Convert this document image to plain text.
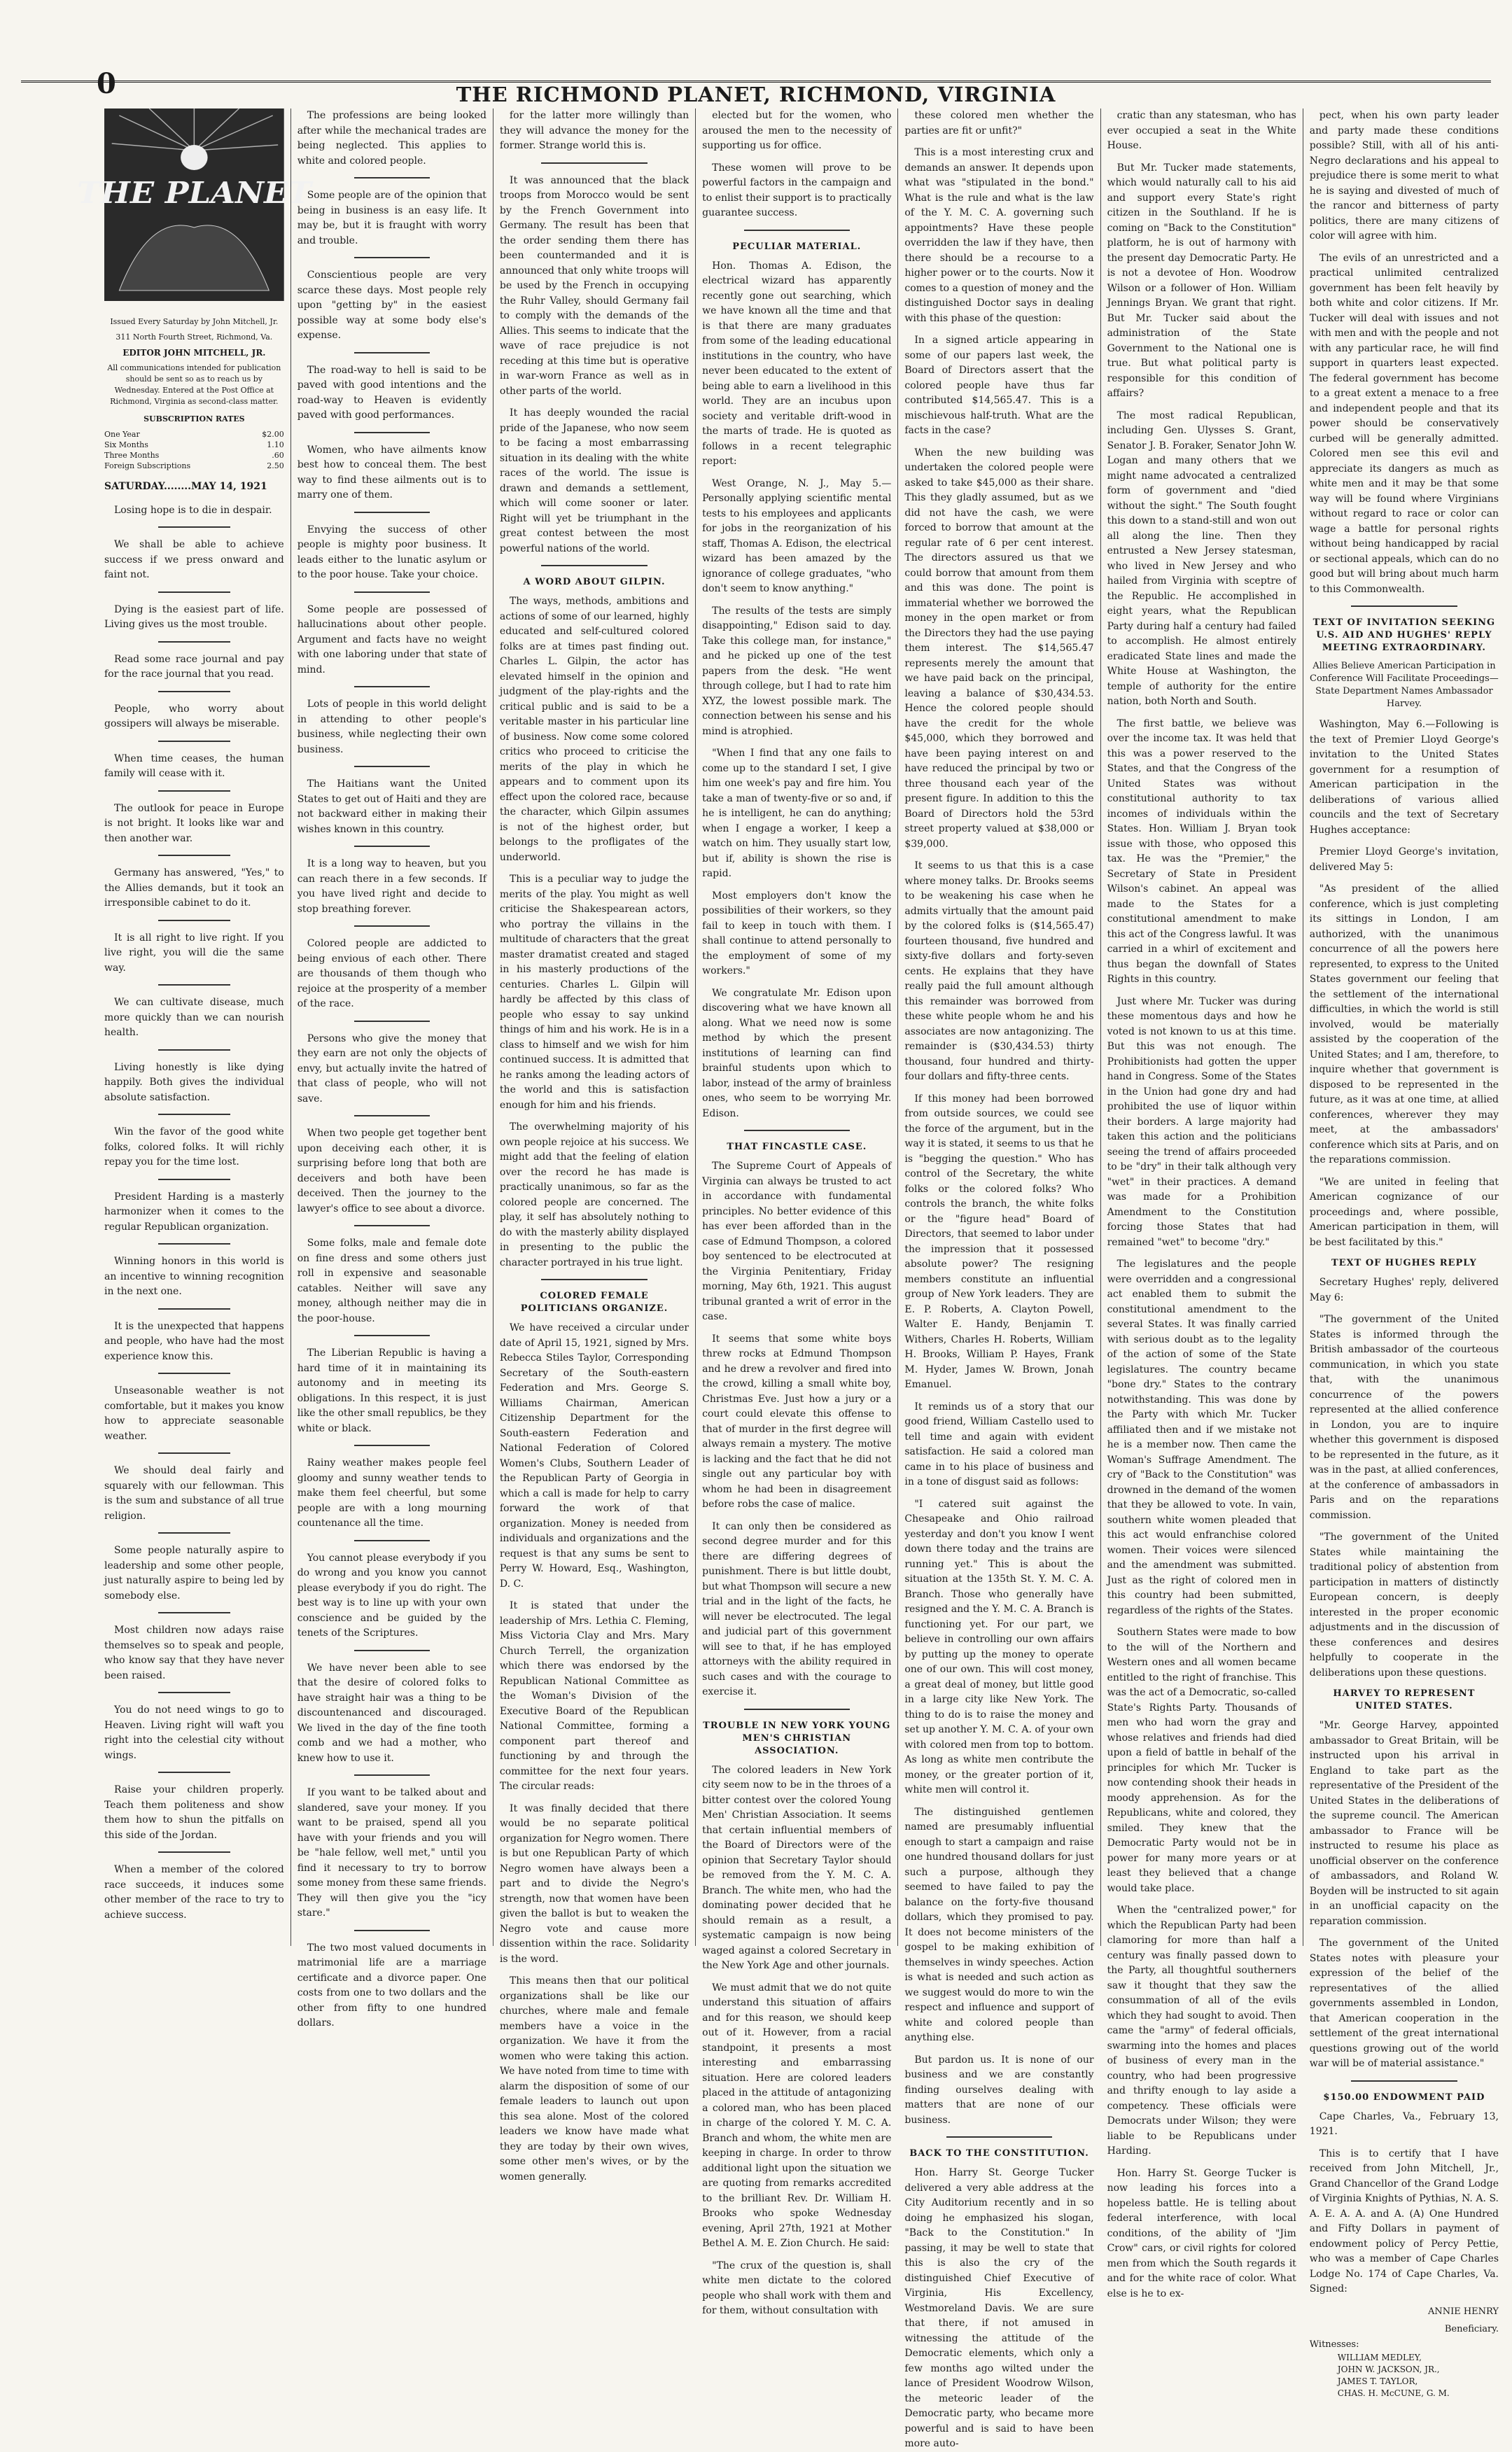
0	THE RICHMOND PLANET, RICHMOND, VIRGINIA
THE PLANET
Issued Every Saturday by John Mitchell, Jr.
311 North Fourth Street, Richmond, Va.
EDITOR JOHN MITCHELL, JR.
All communications intended for publication should be sent so as to reach us by Wednesday. Entered at the Post Office at Richmond, Virginia as second-class matter.
SUBSCRIPTION RATES
One Year	$2.00
Six Months	1.10
Three Months	.60
Foreign Subscriptions	2.50
SATURDAY........MAY 14, 1921

Losing hope is to die in despair.

We shall be able to achieve success if we press onward and faint not.

Dying is the easiest part of life. Living gives us the most trouble.

Read some race journal and pay for the race journal that you read.

People, who worry about gossipers will always be miserable.

When time ceases, the human family will cease with it.

The outlook for peace in Europe is not bright. It looks like war and then another war.

Germany has answered, "Yes," to the Allies demands, but it took an irresponsible cabinet to do it.

It is all right to live right. If you live right, you will die the same way.

We can cultivate disease, much more quickly than we can nourish health.

Living honestly is like dying happily. Both gives the individual absolute satisfaction.

Win the favor of the good white folks, colored folks. It will richly repay you for the time lost.

President Harding is a masterly harmonizer when it comes to the regular Republican organization.

Winning honors in this world is an incentive to winning recognition in the next one.

It is the unexpected that happens and people, who have had the most experience know this.

Unseasonable weather is not comfortable, but it makes you know how to appreciate seasonable weather.

We should deal fairly and squarely with our fellowman. This is the sum and substance of all true religion.

Some people naturally aspire to leadership and some other people, just naturally aspire to being led by somebody else.

Most children now adays raise themselves so to speak and people, who know say that they have never been raised.

You do not need wings to go to Heaven. Living right will waft you right into the celestial city without wings.

Raise your children properly. Teach them politeness and show them how to shun the pitfalls on this side of the Jordan.

When a member of the colored race succeeds, it induces some other member of the race to try to achieve success.

The professions are being looked after while the mechanical trades are being neglected. This applies to white and colored people.

Some people are of the opinion that being in business is an easy life. It may be, but it is fraught with worry and trouble.

Conscientious people are very scarce these days. Most people rely upon "getting by" in the easiest possible way at some body else's expense.

The road-way to hell is said to be paved with good intentions and the road-way to Heaven is evidently paved with good performances.

Women, who have ailments know best how to conceal them. The best way to find these ailments out is to marry one of them.

Envying the success of other people is mighty poor business. It leads either to the lunatic asylum or to the poor house. Take your choice.

Some people are possessed of hallucinations about other people. Argument and facts have no weight with one laboring under that state of mind.

Lots of people in this world delight in attending to other people's business, while neglecting their own business.

The Haitians want the United States to get out of Haiti and they are not backward either in making their wishes known in this country.

It is a long way to heaven, but you can reach there in a few seconds. If you have lived right and decide to stop breathing forever.

Colored people are addicted to being envious of each other. There are thousands of them though who rejoice at the prosperity of a member of the race.

Persons who give the money that they earn are not only the objects of envy, but actually invite the hatred of that class of people, who will not save.

When two people get together bent upon deceiving each other, it is surprising before long that both are deceivers and both have been deceived. Then the journey to the lawyer's office to see about a divorce.

Some folks, male and female dote on fine dress and some others just roll in expensive and seasonable catables. Neither will save any money, although neither may die in the poor-house.

The Liberian Republic is having a hard time of it in maintaining its autonomy and in meeting its obligations. In this respect, it is just like the other small republics, be they white or black.

Rainy weather makes people feel gloomy and sunny weather tends to make them feel cheerful, but some people are with a long mourning countenance all the time.

You cannot please everybody if you do wrong and you know you cannot please everybody if you do right. The best way is to line up with your own conscience and be guided by the tenets of the Scriptures.

We have never been able to see that the desire of colored folks to have straight hair was a thing to be discountenanced and discouraged. We lived in the day of the fine tooth comb and we had a mother, who knew how to use it.

If you want to be talked about and slandered, save your money. If you want to be praised, spend all you have with your friends and you will be "hale fellow, well met," until you find it necessary to try to borrow some money from these same friends. They will then give you the "icy stare."

The two most valued documents in matrimonial life are a marriage certificate and a divorce paper. One costs from one to two dollars and the other from fifty to one hundred dollars.

for the latter more willingly than they will advance the money for the former. Strange world this is.

It was announced that the black troops from Morocco would be sent by the French Government into Germany. The result has been that the order sending them there has been countermanded and it is announced that only white troops will be used by the French in occupying the Ruhr Valley, should Germany fail to comply with the demands of the Allies. This seems to indicate that the wave of race prejudice is not receding at this time but is operative in war-worn France as well as in other parts of the world.

It has deeply wounded the racial pride of the Japanese, who now seem to be facing a most embarrassing situation in its dealing with the white races of the world. The issue is drawn and demands a settlement, which will come sooner or later. Right will yet be triumphant in the great contest between the most powerful nations of the world.

A WORD ABOUT GILPIN.

The ways, methods, ambitions and actions of some of our learned, highly educated and self-cultured colored folks are at times past finding out. Charles L. Gilpin, the actor has elevated himself in the opinion and judgment of the play-rights and the critical public and is said to be a veritable master in his particular line of business. Now come some colored critics who proceed to criticise the merits of the play in which he appears and to comment upon its effect upon the colored race, because the character, which Gilpin assumes is not of the highest order, but belongs to the profligates of the underworld.

This is a peculiar way to judge the merits of the play. You might as well criticise the Shakespearean actors, who portray the villains in the multitude of characters that the great master dramatist created and staged in his masterly productions of the centuries. Charles L. Gilpin will hardly be affected by this class of people who essay to say unkind things of him and his work. He is in a class to himself and we wish for him continued success. It is admitted that he ranks among the leading actors of the world and this is satisfaction enough for him and his friends.

The overwhelming majority of his own people rejoice at his success. We might add that the feeling of elation over the record he has made is practically unanimous, so far as the colored people are concerned. The play, it self has absolutely nothing to do with the masterly ability displayed in presenting to the public the character portrayed in his true light.

COLORED FEMALE POLITICIANS ORGANIZE.

We have received a circular under date of April 15, 1921, signed by Mrs. Rebecca Stiles Taylor, Corresponding Secretary of the South-eastern Federation and Mrs. George S. Williams Chairman, American Citizenship Department for the South-eastern Federation and National Federation of Colored Women's Clubs, Southern Leader of the Republican Party of Georgia in which a call is made for help to carry forward the work of that organization. Money is needed from individuals and organizations and the request is that any sums be sent to Perry W. Howard, Esq., Washington, D. C.

It is stated that under the leadership of Mrs. Lethia C. Fleming, Miss Victoria Clay and Mrs. Mary Church Terrell, the organization which there was endorsed by the Republican National Committee as the Woman's Division of the Executive Board of the Republican National Committee, forming a component part thereof and functioning by and through the committee for the next four years. The circular reads:

It was finally decided that there would be no separate political organization for Negro women. There is but one Republican Party of which Negro women have always been a part and to divide the Negro's strength, now that women have been given the ballot is but to weaken the Negro vote and cause more dissention within the race. Solidarity is the word.

This means then that our political organizations shall be like our churches, where male and female members have a voice in the organization. We have it from the women who were taking this action. We have noted from time to time with alarm the disposition of some of our female leaders to launch out upon this sea alone. Most of the colored leaders we know have made what they are today by their own wives, some other men's wives, or by the women generally.

elected but for the women, who aroused the men to the necessity of supporting us for office.

These women will prove to be powerful factors in the campaign and to enlist their support is to practically guarantee success.

PECULIAR MATERIAL.

Hon. Thomas A. Edison, the electrical wizard has apparently recently gone out searching, which we have known all the time and that is that there are many graduates from some of the leading educational institutions in the country, who have never been educated to the extent of being able to earn a livelihood in this world. They are an incubus upon society and veritable drift-wood in the marts of trade. He is quoted as follows in a recent telegraphic report:

West Orange, N. J., May 5.—Personally applying scientific mental tests to his employees and applicants for jobs in the reorganization of his staff, Thomas A. Edison, the electrical wizard has been amazed by the ignorance of college graduates, "who don't seem to know anything."

The results of the tests are simply disappointing," Edison said to day. Take this college man, for instance," and he picked up one of the test papers from the desk. "He went through college, but I had to rate him XYZ, the lowest possible mark. The connection between his sense and his mind is atrophied.

"When I find that any one fails to come up to the standard I set, I give him one week's pay and fire him. You take a man of twenty-five or so and, if he is intelligent, he can do anything; when I engage a worker, I keep a watch on him. They usually start low, but if, ability is shown the rise is rapid.

Most employers don't know the possibilities of their workers, so they fail to keep in touch with them. I shall continue to attend personally to the employment of some of my workers."

We congratulate Mr. Edison upon discovering what we have known all along. What we need now is some method by which the present institutions of learning can find brainful students upon which to labor, instead of the army of brainless ones, who seem to be worrying Mr. Edison.

THAT FINCASTLE CASE.

The Supreme Court of Appeals of Virginia can always be trusted to act in accordance with fundamental principles. No better evidence of this has ever been afforded than in the case of Edmund Thompson, a colored boy sentenced to be electrocuted at the Virginia Penitentiary, Friday morning, May 6th, 1921. This august tribunal granted a writ of error in the case.

It seems that some white boys threw rocks at Edmund Thompson and he drew a revolver and fired into the crowd, killing a small white boy, Christmas Eve. Just how a jury or a court could elevate this offense to that of murder in the first degree will always remain a mystery. The motive is lacking and the fact that he did not single out any particular boy with whom he had been in disagreement before robs the case of malice.

It can only then be considered as second degree murder and for this there are differing degrees of punishment. There is but little doubt, but what Thompson will secure a new trial and in the light of the facts, he will never be electrocuted. The legal and judicial part of this government will see to that, if he has employed attorneys with the ability required in such cases and with the courage to exercise it.

TROUBLE IN NEW YORK YOUNG MEN'S CHRISTIAN ASSOCIATION.

The colored leaders in New York city seem now to be in the throes of a bitter contest over the colored Young Men' Christian Association. It seems that certain influential members of the Board of Directors were of the opinion that Secretary Taylor should be removed from the Y. M. C. A. Branch. The white men, who had the dominating power decided that he should remain as a result, a systematic campaign is now being waged against a colored Secretary in the New York Age and other journals.

We must admit that we do not quite understand this situation of affairs and for this reason, we should keep out of it. However, from a racial standpoint, it presents a most interesting and embarrassing situation. Here are colored leaders placed in the attitude of antagonizing a colored man, who has been placed in charge of the colored Y. M. C. A. Branch and whom, the white men are keeping in charge. In order to throw additional light upon the situation we are quoting from remarks accredited to the brilliant Rev. Dr. William H. Brooks who spoke Wednesday evening, April 27th, 1921 at Mother Bethel A. M. E. Zion Church. He said:

"The crux of the question is, shall white men dictate to the colored people who shall work with them and for them, without consultation with

these colored men whether the parties are fit or unfit?"

This is a most interesting crux and demands an answer. It depends upon what was "stipulated in the bond." What is the rule and what is the law of the Y. M. C. A. governing such appointments? Have these people overridden the law if they have, then there should be a recourse to a higher power or to the courts. Now it comes to a question of money and the distinguished Doctor says in dealing with this phase of the question:

In a signed article appearing in some of our papers last week, the Board of Directors assert that the colored people have thus far contributed $14,565.47. This is a mischievous half-truth. What are the facts in the case?

When the new building was undertaken the colored people were asked to take $45,000 as their share. This they gladly assumed, but as we did not have the cash, we were forced to borrow that amount at the regular rate of 6 per cent interest. The directors assured us that we could borrow that amount from them and this was done. The point is immaterial whether we borrowed the money in the open market or from the Directors they had the use paying them interest. The $14,565.47 represents merely the amount that we have paid back on the principal, leaving a balance of $30,434.53. Hence the colored people should have the credit for the whole $45,000, which they borrowed and have been paying interest on and have reduced the principal by two or three thousand each year of the present figure. In addition to this the Board of Directors hold the 53rd street property valued at $38,000 or $39,000.

It seems to us that this is a case where money talks. Dr. Brooks seems to be weakening his case when he admits virtually that the amount paid by the colored folks is ($14,565.47) fourteen thousand, five hundred and sixty-five dollars and forty-seven cents. He explains that they have really paid the full amount although this remainder was borrowed from these white people whom he and his associates are now antagonizing. The remainder is ($30,434.53) thirty thousand, four hundred and thirty-four dollars and fifty-three cents.

If this money had been borrowed from outside sources, we could see the force of the argument, but in the way it is stated, it seems to us that he is "begging the question." Who has control of the Secretary, the white folks or the colored folks? Who controls the branch, the white folks or the "figure head" Board of Directors, that seemed to labor under the impression that it possessed absolute power? The resigning members constitute an influential group of New York leaders. They are E. P. Roberts, A. Clayton Powell, Walter E. Handy, Benjamin T. Withers, Charles H. Roberts, William H. Brooks, William P. Hayes, Frank M. Hyder, James W. Brown, Jonah Emanuel.

It reminds us of a story that our good friend, William Castello used to tell time and again with evident satisfaction. He said a colored man came in to his place of business and in a tone of disgust said as follows:

"I catered suit against the Chesapeake and Ohio railroad yesterday and don't you know I went down there today and the trains are running yet." This is about the situation at the 135th St. Y. M. C. A. Branch. Those who generally have resigned and the Y. M. C. A. Branch is functioning yet. For our part, we believe in controlling our own affairs by putting up the money to operate one of our own. This will cost money, a great deal of money, but little good in a large city like New York. The thing to do is to raise the money and set up another Y. M. C. A. of your own with colored men from top to bottom. As long as white men contribute the money, or the greater portion of it, white men will control it.

The distinguished gentlemen named are presumably influential enough to start a campaign and raise one hundred thousand dollars for just such a purpose, although they seemed to have failed to pay the balance on the forty-five thousand dollars, which they promised to pay. It does not become ministers of the gospel to be making exhibition of themselves in windy speeches. Action is what is needed and such action as we suggest would do more to win the respect and influence and support of white and colored people than anything else.

But pardon us. It is none of our business and we are constantly finding ourselves dealing with matters that are none of our business.

BACK TO THE CONSTITUTION.

Hon. Harry St. George Tucker delivered a very able address at the City Auditorium recently and in so doing he emphasized his slogan, "Back to the Constitution." In passing, it may be well to state that this is also the cry of the distinguished Chief Executive of Virginia, His Excellency, Westmoreland Davis. We are sure that there, if not amused in witnessing the attitude of the Democratic elements, which only a few months ago wilted under the lance of President Woodrow Wilson, the meteoric leader of the Democratic party, who became more powerful and is said to have been more auto-

cratic than any statesman, who has ever occupied a seat in the White House.

But Mr. Tucker made statements, which would naturally call to his aid and support every State's right citizen in the Southland. If he is coming on "Back to the Constitution" platform, he is out of harmony with the present day Democratic Party. He is not a devotee of Hon. Woodrow Wilson or a follower of Hon. William Jennings Bryan. We grant that right. But Mr. Tucker said about the administration of the State Government to the National one is true. But what political party is responsible for this condition of affairs?

The most radical Republican, including Gen. Ulysses S. Grant, Senator J. B. Foraker, Senator John W. Logan and many others that we might name advocated a centralized form of government and "died without the sight." The South fought this down to a stand-still and won out all along the line. Then they entrusted a New Jersey statesman, who lived in New Jersey and who hailed from Virginia with sceptre of the Republic. He accomplished in eight years, what the Republican Party during half a century had failed to accomplish. He almost entirely eradicated State lines and made the White House at Washington, the temple of authority for the entire nation, both North and South.

The first battle, we believe was over the income tax. It was held that this was a power reserved to the States, and that the Congress of the United States was without constitutional authority to tax incomes of individuals within the States. Hon. William J. Bryan took issue with those, who opposed this tax. He was the "Premier," the Secretary of State in President Wilson's cabinet. An appeal was made to the States for a constitutional amendment to make this act of the Congress lawful. It was carried in a whirl of excitement and thus began the downfall of States Rights in this country.

Just where Mr. Tucker was during these momentous days and how he voted is not known to us at this time. But this was not enough. The Prohibitionists had gotten the upper hand in Congress. Some of the States in the Union had gone dry and had prohibited the use of liquor within their borders. A large majority had taken this action and the politicians seeing the trend of affairs proceeded to be "dry" in their talk although very "wet" in their practices. A demand was made for a Prohibition Amendment to the Constitution forcing those States that had remained "wet" to become "dry."

The legislatures and the people were overridden and a congressional act enabled them to submit the constitutional amendment to the several States. It was finally carried with serious doubt as to the legality of the action of some of the State legislatures. The country became "bone dry." States to the contrary notwithstanding. This was done by the Party with which Mr. Tucker affiliated then and if we mistake not he is a member now. Then came the Woman's Suffrage Amendment. The cry of "Back to the Constitution" was drowned in the demand of the women that they be allowed to vote. In vain, southern white women pleaded that this act would enfranchise colored women. Their voices were silenced and the amendment was submitted. Just as the right of colored men in this country had been submitted, regardless of the rights of the States.

Southern States were made to bow to the will of the Northern and Western ones and all women became entitled to the right of franchise. This was the act of a Democratic, so-called State's Rights Party. Thousands of men who had worn the gray and whose relatives and friends had died upon a field of battle in behalf of the principles for which Mr. Tucker is now contending shook their heads in moody apprehension. As for the Republicans, white and colored, they smiled. They knew that the Democratic Party would not be in power for many more years or at least they believed that a change would take place.

When the "centralized power," for which the Republican Party had been clamoring for more than half a century was finally passed down to the Party, all thoughtful southerners saw it thought that they saw the consummation of all of the evils which they had sought to avoid. Then came the "army" of federal officials, swarming into the homes and places of business of every man in the country, who had been progressive and thrifty enough to lay aside a competency. These officials were Democrats under Wilson; they were liable to be Republicans under Harding.

Hon. Harry St. George Tucker is now leading his forces into a hopeless battle. He is telling about federal interference, with local conditions, of the ability of "Jim Crow" cars, or civil rights for colored men from which the South regards it and for the white race of color. What else is he to ex-

pect, when his own party leader and party made these conditions possible? Still, with all of his anti-Negro declarations and his appeal to prejudice there is some merit to what he is saying and divested of much of the rancor and bitterness of party politics, there are many citizens of color will agree with him.

The evils of an unrestricted and a practical unlimited centralized government has been felt heavily by both white and color citizens. If Mr. Tucker will deal with issues and not with men and with the people and not with any particular race, he will find support in quarters least expected. The federal government has become to a great extent a menace to a free and independent people and that its power should be conservatively curbed will be generally admitted. Colored men see this evil and appreciate its dangers as much as white men and it may be that some way will be found where Virginians without regard to race or color can wage a battle for personal rights without being handicapped by racial or sectional appeals, which can do no good but will bring about much harm to this Commonwealth.

TEXT OF INVITATION SEEKING U.S. AID AND HUGHES' REPLY MEETING EXTRAORDINARY.
Allies Believe American Participation in Conference Will Facilitate Proceedings—State Department Names Ambassador Harvey.

Washington, May 6.—Following is the text of Premier Lloyd George's invitation to the United States government for a resumption of American participation in the deliberations of various allied councils and the text of Secretary Hughes acceptance:

Premier Lloyd George's invitation, delivered May 5:

"As president of the allied conference, which is just completing its sittings in London, I am authorized, with the unanimous concurrence of all the powers here represented, to express to the United States government our feeling that the settlement of the international difficulties, in which the world is still involved, would be materially assisted by the cooperation of the United States; and I am, therefore, to inquire whether that government is disposed to be represented in the future, as it was at one time, at allied conferences, wherever they may meet, at the ambassadors' conference which sits at Paris, and on the reparations commission.

"We are united in feeling that American cognizance of our proceedings and, where possible, American participation in them, will be best facilitated by this."

TEXT OF HUGHES REPLY

Secretary Hughes' reply, delivered May 6:

"The government of the United States is informed through the British ambassador of the courteous communication, in which you state that, with the unanimous concurrence of the powers represented at the allied conference in London, you are to inquire whether this government is disposed to be represented in the future, as it was in the past, at allied conferences, at the conference of ambassadors in Paris and on the reparations commission.

"The government of the United States while maintaining the traditional policy of abstention from participation in matters of distinctly European concern, is deeply interested in the proper economic adjustments and in the discussion of these conferences and desires helpfully to cooperate in the deliberations upon these questions.

HARVEY TO REPRESENT UNITED STATES.

"Mr. George Harvey, appointed ambassador to Great Britain, will be instructed upon his arrival in England to take part as the representative of the President of the United States in the deliberations of the supreme council. The American ambassador to France will be instructed to resume his place as unofficial observer on the conference of ambassadors, and Roland W. Boyden will be instructed to sit again in an unofficial capacity on the reparation commission.

The government of the United States notes with pleasure your expression of the belief of the representatives of the allied governments assembled in London, that American cooperation in the settlement of the great international questions growing out of the world war will be of material assistance."

$150.00 ENDOWMENT PAID

Cape Charles, Va., February 13, 1921.

This is to certify that I have received from John Mitchell, Jr., Grand Chancellor of the Grand Lodge of Virginia Knights of Pythias, N. A. S. A. E. A. A. and A. (A) One Hundred and Fifty Dollars in payment of endowment policy of Percy Pettie, who was a member of Cape Charles Lodge No. 174 of Cape Charles, Va. Signed:

ANNIE HENRY
Beneficiary.
Witnesses:
WILLIAM MEDLEY,
JOHN W. JACKSON, JR.,
JAMES T. TAYLOR,
CHAS. H. McCUNE, G. M.
